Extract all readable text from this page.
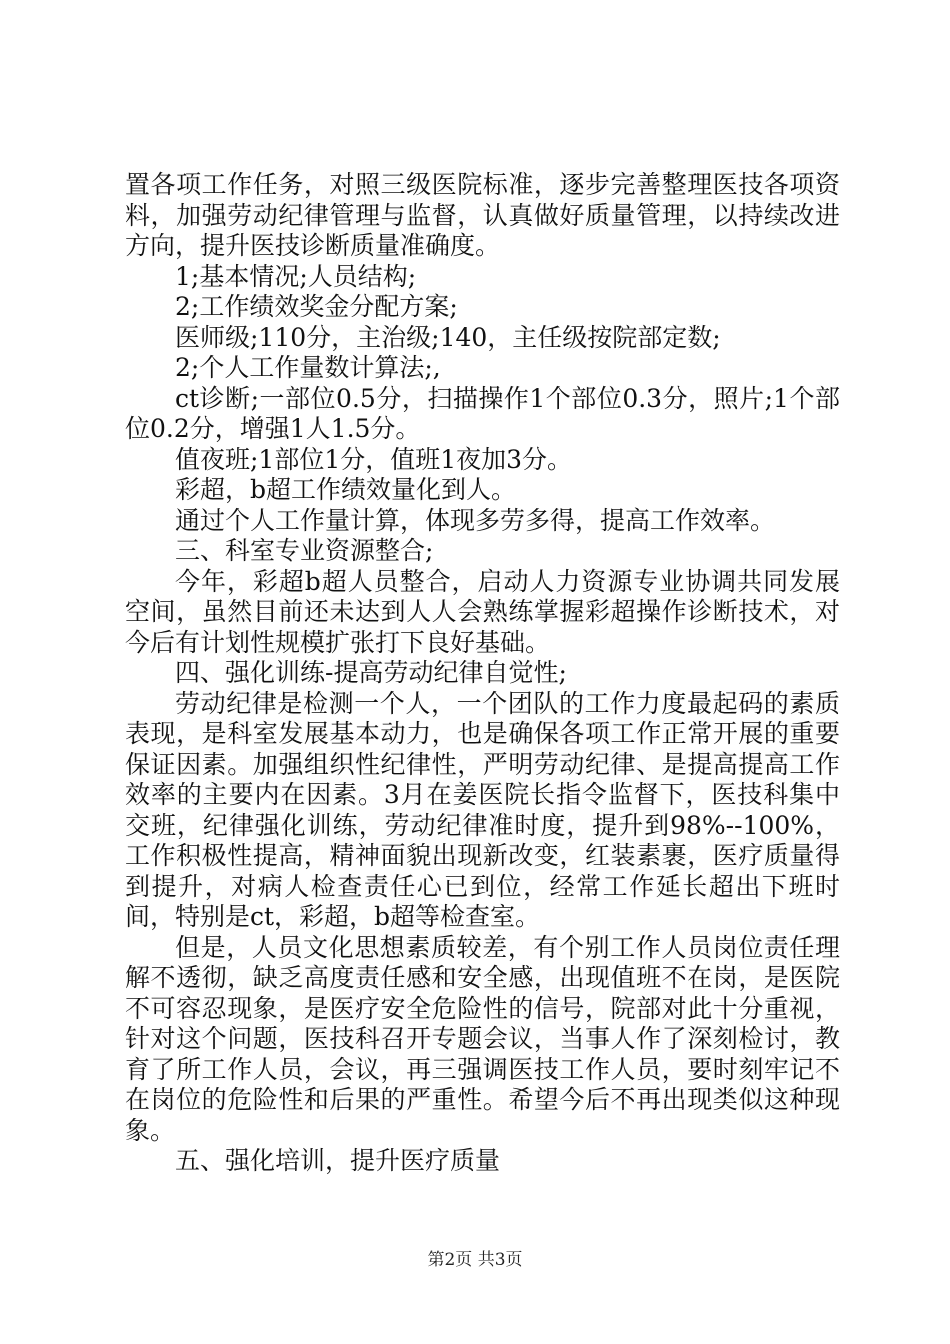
置各项工作任务，对照三级医院标准，逐步完善整理医技各项资料，加强劳动纪律管理与监督，认真做好质量管理，以持续改进方向，提升医技诊断质量准确度。

1;基本情况;人员结构;

2;工作绩效奖金分配方案;

医师级;110分，主治级;140，主任级按院部定数;

2;个人工作量数计算法;,

ct诊断;一部位0.5分，扫描操作1个部位0.3分，照片;1个部位0.2分，增强1人1.5分。

值夜班;1部位1分，值班1夜加3分。

彩超，b超工作绩效量化到人。

通过个人工作量计算，体现多劳多得，提高工作效率。

三、科室专业资源整合;

今年，彩超b超人员整合，启动人力资源专业协调共同发展空间，虽然目前还未达到人人会熟练掌握彩超操作诊断技术，对今后有计划性规模扩张打下良好基础。

四、强化训练-提高劳动纪律自觉性;

劳动纪律是检测一个人，一个团队的工作力度最起码的素质表现，是科室发展基本动力，也是确保各项工作正常开展的重要保证因素。加强组织性纪律性，严明劳动纪律、是提高提高工作效率的主要内在因素。3月在姜医院长指令监督下，医技科集中交班，纪律强化训练，劳动纪律准时度，提升到98%--100%，工作积极性提高，精神面貌出现新改变，红装素裹，医疗质量得到提升，对病人检查责任心已到位，经常工作延长超出下班时间，特别是ct，彩超，b超等检查室。

但是，人员文化思想素质较差，有个别工作人员岗位责任理解不透彻，缺乏高度责任感和安全感，出现值班不在岗，是医院不可容忍现象，是医疗安全危险性的信号，院部对此十分重视，针对这个问题，医技科召开专题会议，当事人作了深刻检讨，教育了所工作人员，会议，再三强调医技工作人员，要时刻牢记不在岗位的危险性和后果的严重性。希望今后不再出现类似这种现象。

五、强化培训，提升医疗质量

第2页 共3页
